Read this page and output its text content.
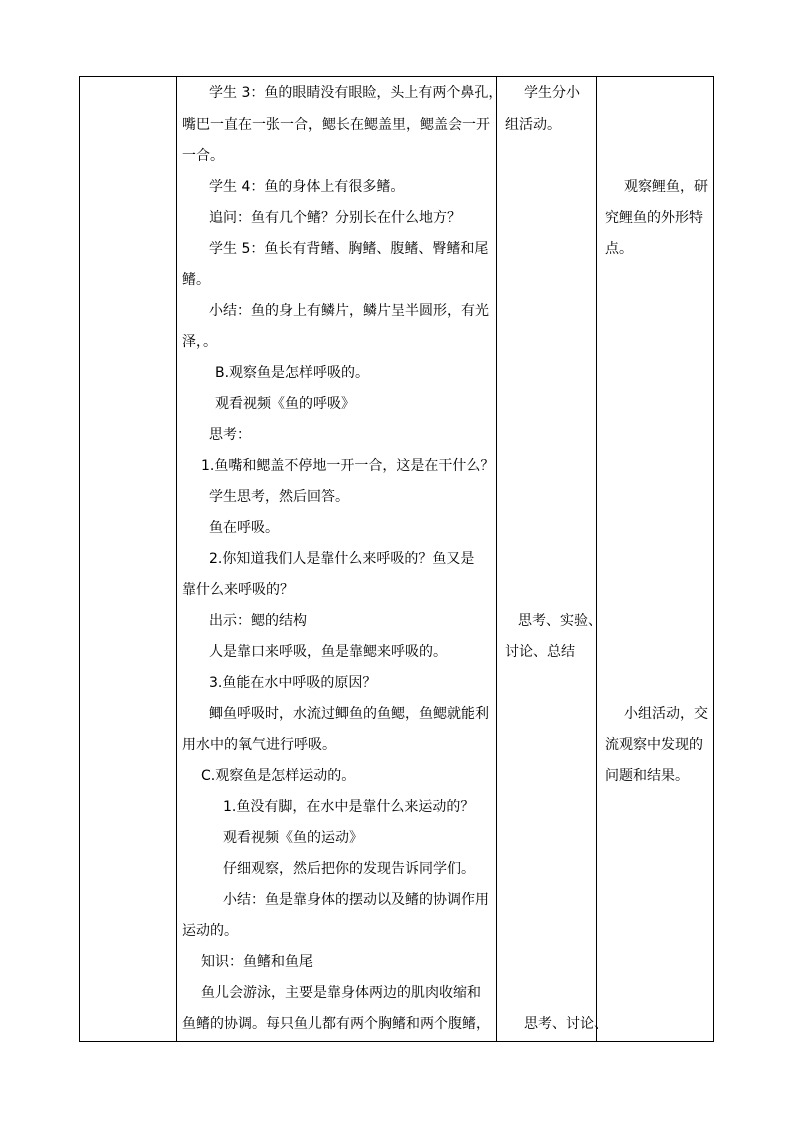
学生 3：鱼的眼睛没有眼睑，头上有两个鼻孔，
嘴巴一直在一张一合，鳃长在鳃盖里，鳃盖会一开
一合。
学生 4：鱼的身体上有很多鳍。
追问：鱼有几个鳍？分别长在什么地方？
学生 5：鱼长有背鳍、胸鳍、腹鳍、臀鳍和尾
鳍。
小结：鱼的身上有鳞片，鳞片呈半圆形，有光
泽，。
B.观察鱼是怎样呼吸的。
观看视频《鱼的呼吸》
思考：
1.鱼嘴和鳃盖不停地一开一合，这是在干什么？
学生思考，然后回答。
鱼在呼吸。
2.你知道我们人是靠什么来呼吸的？鱼又是
靠什么来呼吸的？
出示：鳃的结构
人是靠口来呼吸，鱼是靠鳃来呼吸的。
3.鱼能在水中呼吸的原因？
鲫鱼呼吸时，水流过鲫鱼的鱼鳃，鱼鳃就能利
用水中的氧气进行呼吸。
C.观察鱼是怎样运动的。
1.鱼没有脚，在水中是靠什么来运动的？
观看视频《鱼的运动》
仔细观察，然后把你的发现告诉同学们。
小结：鱼是靠身体的摆动以及鳍的协调作用
运动的。
知识：鱼鳍和鱼尾
鱼儿会游泳，主要是靠身体两边的肌肉收缩和
鱼鳍的协调。每只鱼儿都有两个胸鳍和两个腹鳍，
学生分小
组活动。
思考、实验、
讨论、总结
思考、讨论、
观察鲤鱼，研
究鲤鱼的外形特
点。
小组活动，交
流观察中发现的
问题和结果。
